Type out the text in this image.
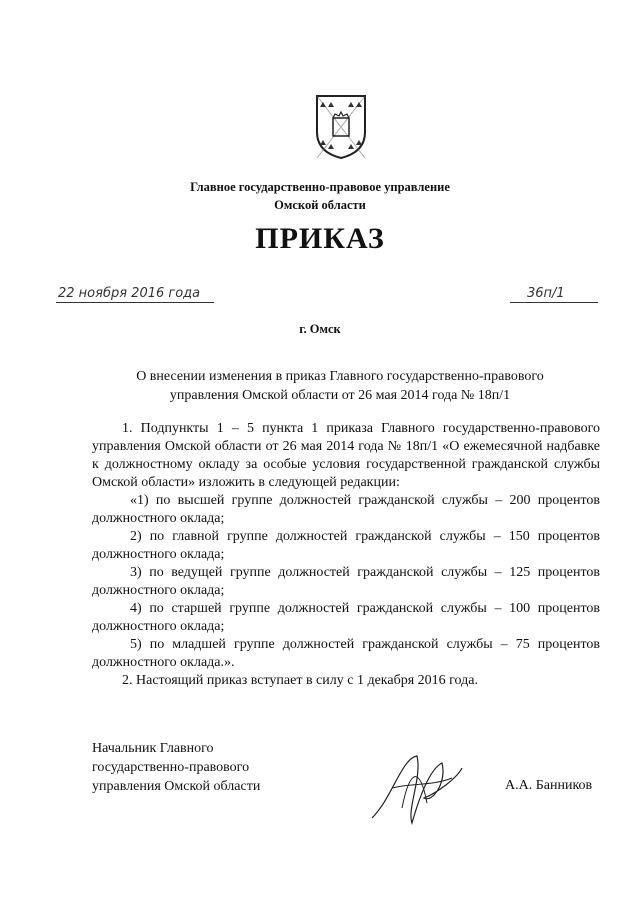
Главное государственно-правовое управление
Омской области
ПРИКАЗ
22 ноября 2016 года	36п/1
г. Омск
О внесении изменения в приказ Главного государственно-правового
управления Омской области от 26 мая 2014 года № 18п/1

1. Подпункты 1 – 5 пункта 1 приказа Главного государственно-правового управления Омской области от 26 мая 2014 года № 18п/1 «О ежемесячной надбавке к должностному окладу за особые условия государственной гражданской службы Омской области» изложить в следующей редакции:

«1) по высшей группе должностей гражданской службы – 200 процентов должностного оклада;

2) по главной группе должностей гражданской службы – 150 процентов должностного оклада;

3) по ведущей группе должностей гражданской службы – 125 процентов должностного оклада;

4) по старшей группе должностей гражданской службы – 100 процентов должностного оклада;

5) по младшей группе должностей гражданской службы – 75 процентов должностного оклада.».

2. Настоящий приказ вступает в силу с 1 декабря 2016 года.

Начальник Главного
государственно-правового
управления Омской области	А.А. Банников
